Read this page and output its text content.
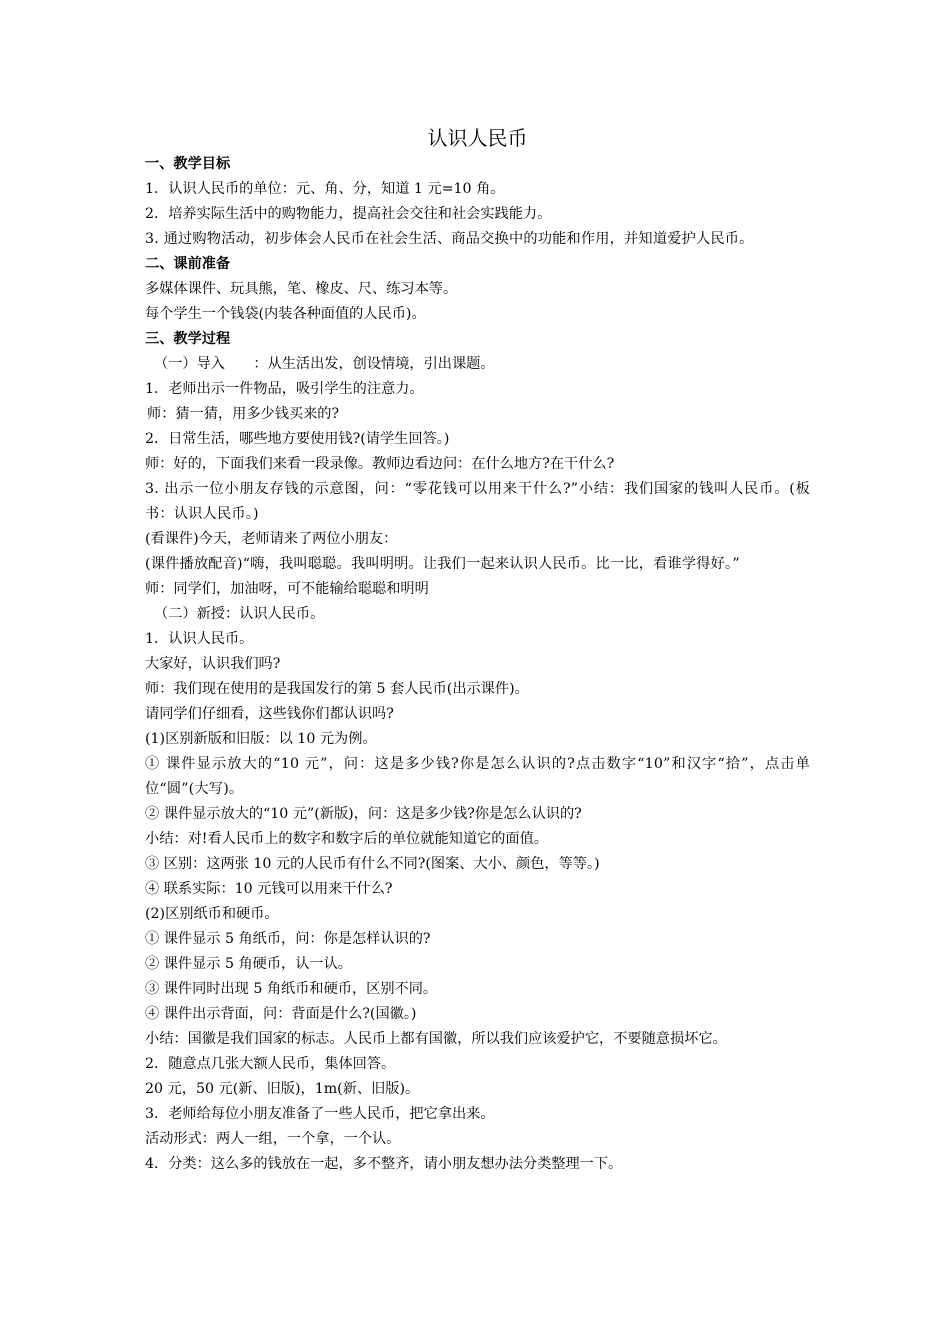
认识人民币
一、教学目标
1．认识人民币的单位：元、角、分，知道 1 元=10 角。
2．培养实际生活中的购物能力，提高社会交往和社会实践能力。
3. 通过购物活动，初步体会人民币在社会生活、商品交换中的功能和作用，并知道爱护人民币。
二、课前准备
多媒体课件、玩具熊，笔、橡皮、尺、练习本等。
每个学生一个钱袋(内装各种面值的人民币)。
三、教学过程
（一）导入　　：从生活出发，创设情境，引出课题。
1．老师出示一件物品，吸引学生的注意力。
师：猜一猜，用多少钱买来的?
2．日常生活，哪些地方要使用钱?(请学生回答。)
师：好的，下面我们来看一段录像。教师边看边问：在什么地方?在干什么?
3. 出示一位小朋友存钱的示意图，问：“零花钱可以用来干什么?”小结：我们国家的钱叫人民币。(板书：认识人民币。)
(看课件)今天，老师请来了两位小朋友：
(课件播放配音)“嗨，我叫聪聪。我叫明明。让我们一起来认识人民币。比一比，看谁学得好。”
师：同学们，加油呀，可不能输给聪聪和明明
（二）新授：认识人民币。
1．认识人民币。
大家好，认识我们吗?
师：我们现在使用的是我国发行的第 5 套人民币(出示课件)。
请同学们仔细看，这些钱你们都认识吗?
(1)区别新版和旧版：以 10 元为例。
① 课件显示放大的“10 元”，问：这是多少钱?你是怎么认识的?点击数字“10”和汉字“拾”，点击单位“圆”(大写)。
② 课件显示放大的“10 元”(新版)，问：这是多少钱?你是怎么认识的?
小结：对!看人民币上的数字和数字后的单位就能知道它的面值。
③ 区别：这两张 10 元的人民币有什么不同?(图案、大小、颜色，等等。)
④ 联系实际：10 元钱可以用来干什么?
(2)区别纸币和硬币。
① 课件显示 5 角纸币，问：你是怎样认识的?
② 课件显示 5 角硬币，认一认。
③ 课件同时出现 5 角纸币和硬币，区别不同。
④ 课件出示背面，问：背面是什么?(国徽。)
小结：国徽是我们国家的标志。人民币上都有国徽，所以我们应该爱护它，不要随意损坏它。
2．随意点几张大额人民币，集体回答。
20 元，50 元(新、旧版)，1m(新、旧版)。
3．老师给每位小朋友准备了一些人民币，把它拿出来。
活动形式：两人一组，一个拿，一个认。
4．分类：这么多的钱放在一起，多不整齐，请小朋友想办法分类整理一下。
